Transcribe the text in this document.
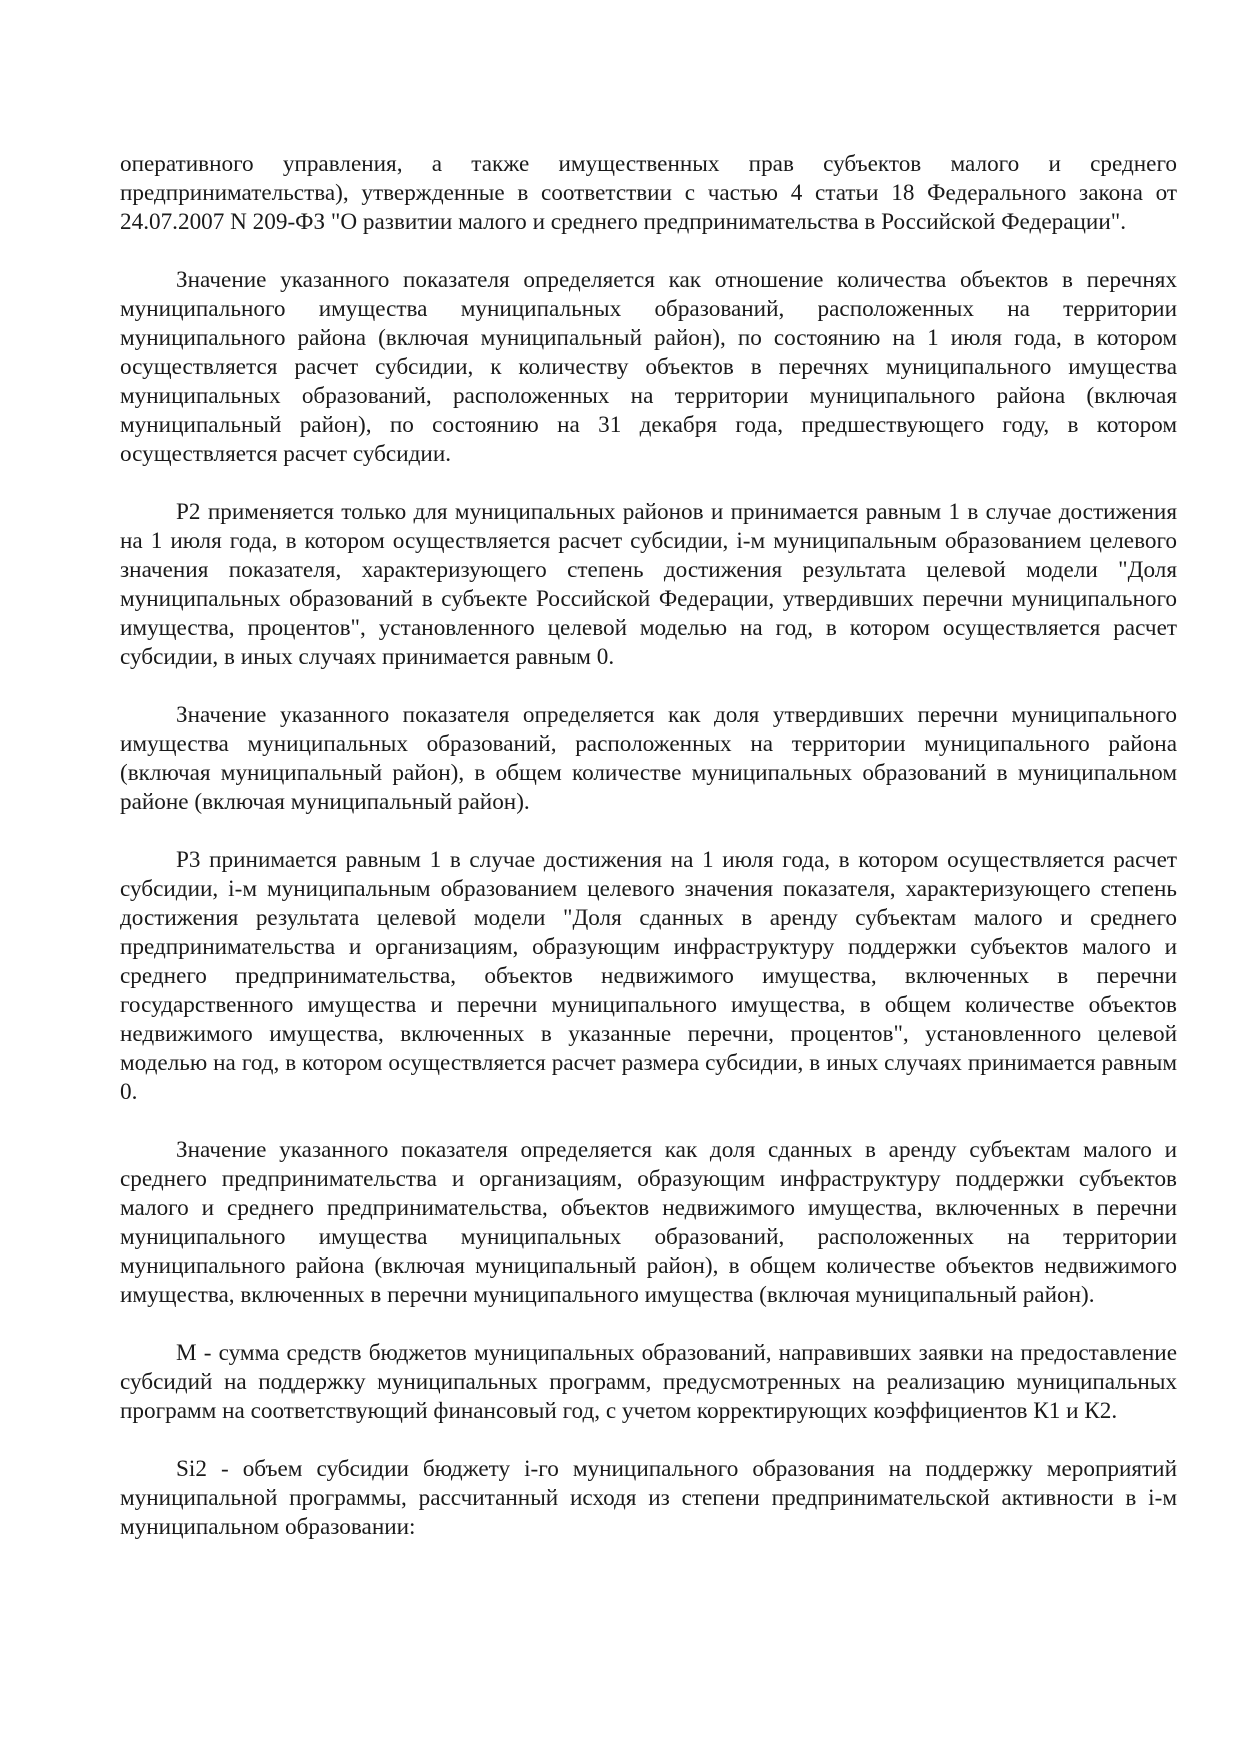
оперативного управления, а также имущественных прав субъектов малого и среднего предпринимательства), утвержденные в соответствии с частью 4 статьи 18 Федерального закона от 24.07.2007 N 209-ФЗ "О развитии малого и среднего предпринимательства в Российской Федерации".

Значение указанного показателя определяется как отношение количества объектов в перечнях муниципального имущества муниципальных образований, расположенных на территории муниципального района (включая муниципальный район), по состоянию на 1 июля года, в котором осуществляется расчет субсидии, к количеству объектов в перечнях муниципального имущества муниципальных образований, расположенных на территории муниципального района (включая муниципальный район), по состоянию на 31 декабря года, предшествующего году, в котором осуществляется расчет субсидии.

P2 применяется только для муниципальных районов и принимается равным 1 в случае достижения на 1 июля года, в котором осуществляется расчет субсидии, i-м муниципальным образованием целевого значения показателя, характеризующего степень достижения результата целевой модели "Доля муниципальных образований в субъекте Российской Федерации, утвердивших перечни муниципального имущества, процентов", установленного целевой моделью на год, в котором осуществляется расчет субсидии, в иных случаях принимается равным 0.

Значение указанного показателя определяется как доля утвердивших перечни муниципального имущества муниципальных образований, расположенных на территории муниципального района (включая муниципальный район), в общем количестве муниципальных образований в муниципальном районе (включая муниципальный район).

P3 принимается равным 1 в случае достижения на 1 июля года, в котором осуществляется расчет субсидии, i-м муниципальным образованием целевого значения показателя, характеризующего степень достижения результата целевой модели "Доля сданных в аренду субъектам малого и среднего предпринимательства и организациям, образующим инфраструктуру поддержки субъектов малого и среднего предпринимательства, объектов недвижимого имущества, включенных в перечни государственного имущества и перечни муниципального имущества, в общем количестве объектов недвижимого имущества, включенных в указанные перечни, процентов", установленного целевой моделью на год, в котором осуществляется расчет размера субсидии, в иных случаях принимается равным 0.

Значение указанного показателя определяется как доля сданных в аренду субъектам малого и среднего предпринимательства и организациям, образующим инфраструктуру поддержки субъектов малого и среднего предпринимательства, объектов недвижимого имущества, включенных в перечни муниципального имущества муниципальных образований, расположенных на территории муниципального района (включая муниципальный район), в общем количестве объектов недвижимого имущества, включенных в перечни муниципального имущества (включая муниципальный район).

M - сумма средств бюджетов муниципальных образований, направивших заявки на предоставление субсидий на поддержку муниципальных программ, предусмотренных на реализацию муниципальных программ на соответствующий финансовый год, с учетом корректирующих коэффициентов К1 и К2.

Si2 - объем субсидии бюджету i-го муниципального образования на поддержку мероприятий муниципальной программы, рассчитанный исходя из степени предпринимательской активности в i-м муниципальном образовании:
